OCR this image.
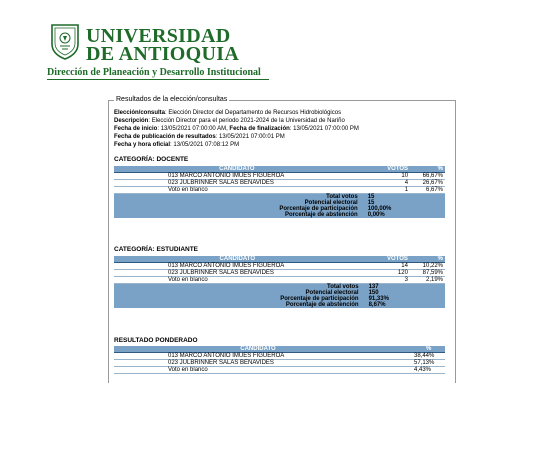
UNIVERSIDAD
DE ANTIOQUIA
Dirección de Planeación y Desarrollo Institucional
Resultados de la elección/consultas
Elección/consulta: Elección Director del Departamento de Recursos Hidrobiológicos
Descripción: Elección Director para el periodo 2021-2024 de la Universidad de Nariño
Fecha de inicio: 13/05/2021 07:00:00 AM, Fecha de finalización: 13/05/2021 07:00:00 PM
Fecha de publicación de resultados: 13/05/2021 07:00:01 PM
Fecha y hora oficial: 13/05/2021 07:08:12 PM
CATEGORÍA: DOCENTE
CANDIDATO	VOTOS	%
013 MARCO ANTONIO IMUES FIGUEROA	10	66,67%
023 JULBRINNER SALAS BENAVIDES	4	26,67%
Voto en blanco	1	6,67%
Total votos	15	
Potencial electoral	15	
Porcentaje de participación	100,00%	
Porcentaje de abstención	0,00%	
CATEGORÍA: ESTUDIANTE
CANDIDATO	VOTOS	%
013 MARCO ANTONIO IMUES FIGUEROA	14	10,22%
023 JULBRINNER SALAS BENAVIDES	120	87,59%
Voto en blanco	3	2,19%
Total votos	137	
Potencial electoral	150	
Porcentaje de participación	91,33%	
Porcentaje de abstención	8,67%	
RESULTADO PONDERADO
CANDIDATO	%
013 MARCO ANTONIO IMUES FIGUEROA	38,44%
023 JULBRINNER SALAS BENAVIDES	57,13%
Voto en blanco	4,43%
